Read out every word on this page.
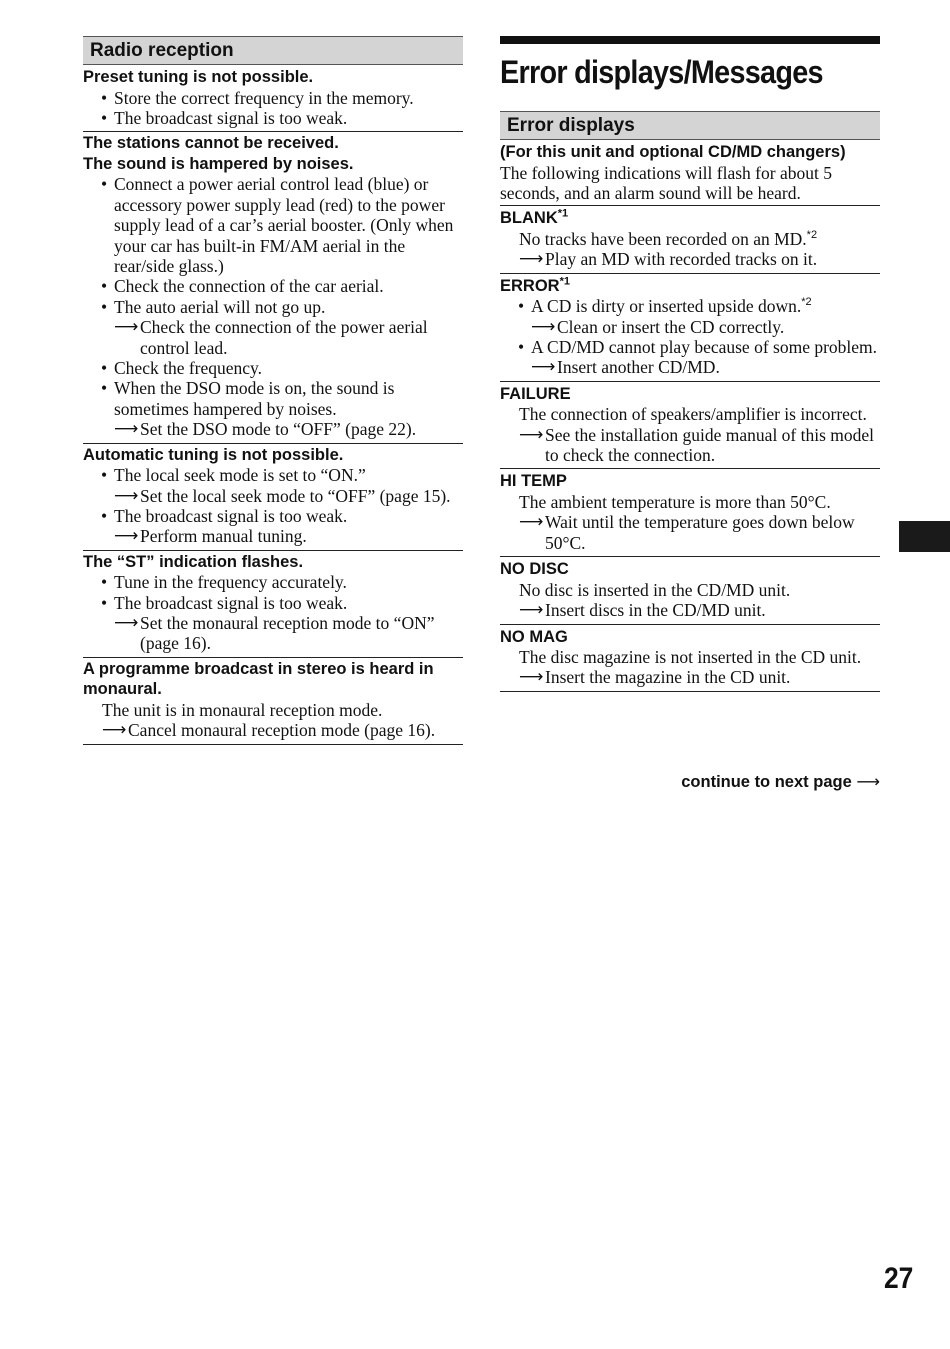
Radio reception
Preset tuning is not possible.
• Store the correct frequency in the memory.
• The broadcast signal is too weak.
The stations cannot be received.
The sound is hampered by noises.
• Connect a power aerial control lead (blue) or accessory power supply lead (red) to the power supply lead of a car’s aerial booster. (Only when your car has built-in FM/AM aerial in the rear/side glass.)
• Check the connection of the car aerial.
• The auto aerial will not go up.
⟶ Check the connection of the power aerial control lead.
• Check the frequency.
• When the DSO mode is on, the sound is sometimes hampered by noises.
⟶ Set the DSO mode to “OFF” (page 22).
Automatic tuning is not possible.
• The local seek mode is set to “ON.”
⟶ Set the local seek mode to “OFF” (page 15).
• The broadcast signal is too weak.
⟶ Perform manual tuning.
The “ST” indication flashes.
• Tune in the frequency accurately.
• The broadcast signal is too weak.
⟶ Set the monaural reception mode to “ON” (page 16).
A programme broadcast in stereo is heard in monaural.
The unit is in monaural reception mode.
⟶ Cancel monaural reception mode (page 16).
Error displays/Messages
Error displays
(For this unit and optional CD/MD changers)
The following indications will flash for about 5 seconds, and an alarm sound will be heard.
BLANK$^{*1}$
No tracks have been recorded on an MD.$^{*2}$
⟶ Play an MD with recorded tracks on it.
ERROR$^{*1}$
• A CD is dirty or inserted upside down.$^{*2}$
⟶ Clean or insert the CD correctly.
• A CD/MD cannot play because of some problem.
⟶ Insert another CD/MD.
FAILURE
The connection of speakers/amplifier is incorrect.
⟶ See the installation guide manual of this model to check the connection.
HI TEMP
The ambient temperature is more than 50°C.
⟶ Wait until the temperature goes down below 50°C.
NO DISC
No disc is inserted in the CD/MD unit.
⟶ Insert discs in the CD/MD unit.
NO MAG
The disc magazine is not inserted in the CD unit.
⟶ Insert the magazine in the CD unit.
continue to next page ⟶
27
